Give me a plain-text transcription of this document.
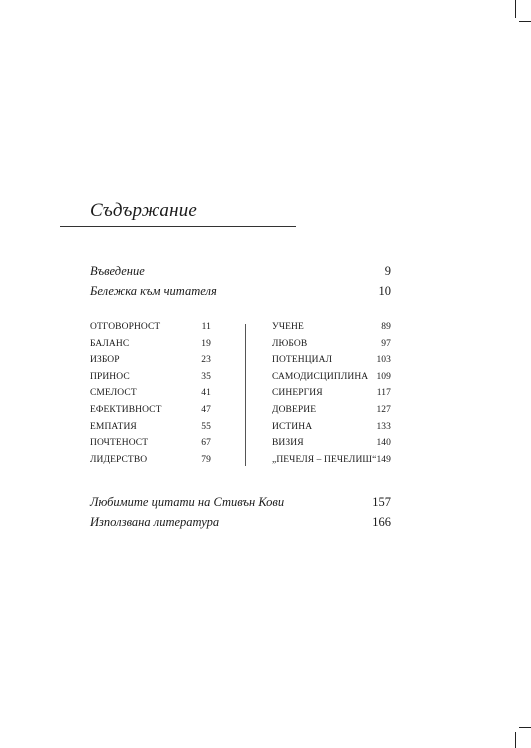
Съдържание
Въведение	9
Бележка към читателя	10
ОТГОВОРНОСТ	11
БАЛАНС	19
ИЗБОР	23
ПРИНОС	35
СМЕЛОСТ	41
ЕФЕКТИВНОСТ	47
ЕМПАТИЯ	55
ПОЧТЕНОСТ	67
ЛИДЕРСТВО	79
УЧЕНЕ	89
ЛЮБОВ	97
ПОТЕНЦИАЛ	103
САМОДИСЦИПЛИНА 109
СИНЕРГИЯ	117
ДОВЕРИЕ	127
ИСТИНА	133
ВИЗИЯ	140
„ПЕЧЕЛЯ – ПЕЧЕЛИШ“ 149
Любимите цитати на Стивън Кови	157
Използвана литература	166
